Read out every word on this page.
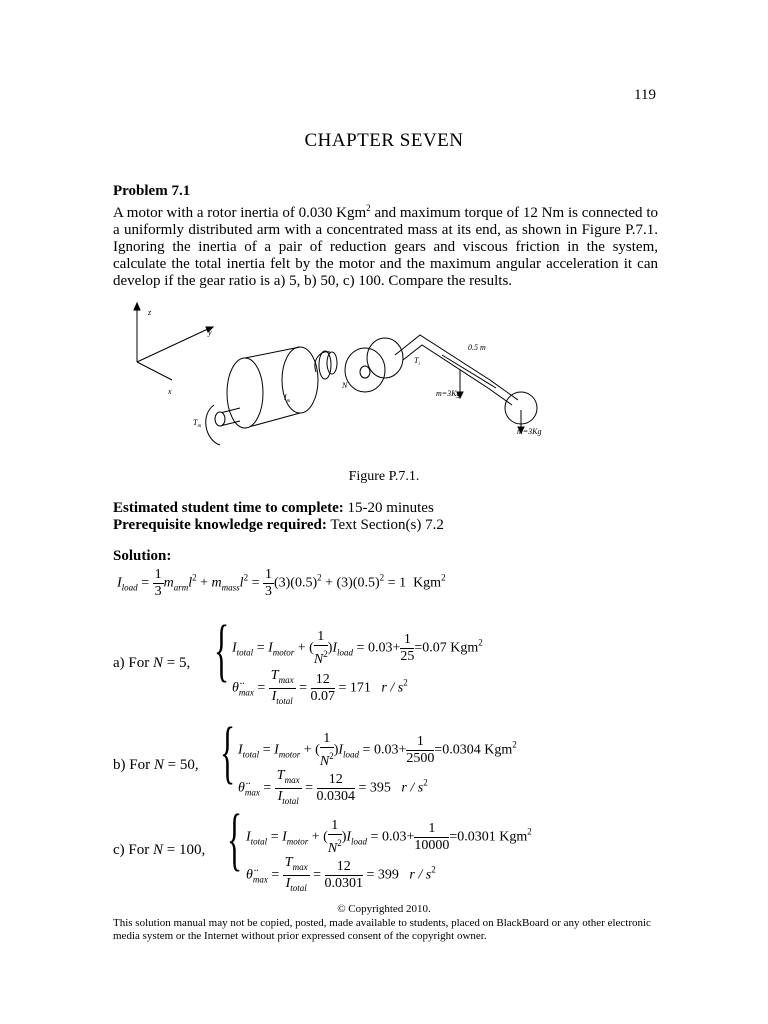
119
CHAPTER SEVEN
Problem 7.1
A motor with a rotor inertia of 0.030 Kgm$^2$ and maximum torque of 12 Nm is connected to a uniformly distributed arm with a concentrated mass at its end, as shown in Figure P.7.1. Ignoring the inertia of a pair of reduction gears and viscous friction in the system, calculate the total inertia felt by the motor and the maximum angular acceleration it can develop if the gear ratio is a) 5, b) 50, c) 100. Compare the results.
z
y
x
$I_m$
$T_m$
$T_i$
N
0.5 m
m=3Kg
m=3Kg
Figure P.7.1.
Estimated student time to complete: 15-20 minutes
Prerequisite knowledge required: Text Section(s) 7.2
Solution:
$I_{load} = \frac{1}{3} m_{arm}l^2 + m_{mass}l^2 = \frac{1}{3} (3)(0.5)^2 + (3)(0.5)^2 = 1$  Kgm$^2$
a) For N = 5, { $I_{total} = I_{motor}$ + ( $\frac{1}{N^2} )I_{load} = 0.03+ \frac{1}{25} =0.07$ Kgm$^2$
$\thetä_{max} = \frac{T_{max}}{I_{total}} = \frac{12}{0.07} = 171$ r / $s^2$
b) For N = 50, { $I_{total} = I_{motor}$ + ( $\frac{1}{N^2} )I_{load} = 0.03+ \frac{1}{2500} =0.0304$ Kgm$^2$
$\thetä_{max} = \frac{T_{max}}{I_{total}} = \frac{12}{0.0304} = 395$ r / $s^2$
c) For N = 100, { $I_{total} = I_{motor}$ + ( $\frac{1}{N^2} )I_{load} = 0.03+ \frac{1}{10000} =0.0301$ Kgm$^2$
$\thetä_{max} = \frac{T_{max}}{I_{total}} = \frac{12}{0.0301} = 399$ r / $s^2$
© Copyrighted 2010.
This solution manual may not be copied, posted, made available to students, placed on BlackBoard or any other electronic media system or the Internet without prior expressed consent of the copyright owner.
